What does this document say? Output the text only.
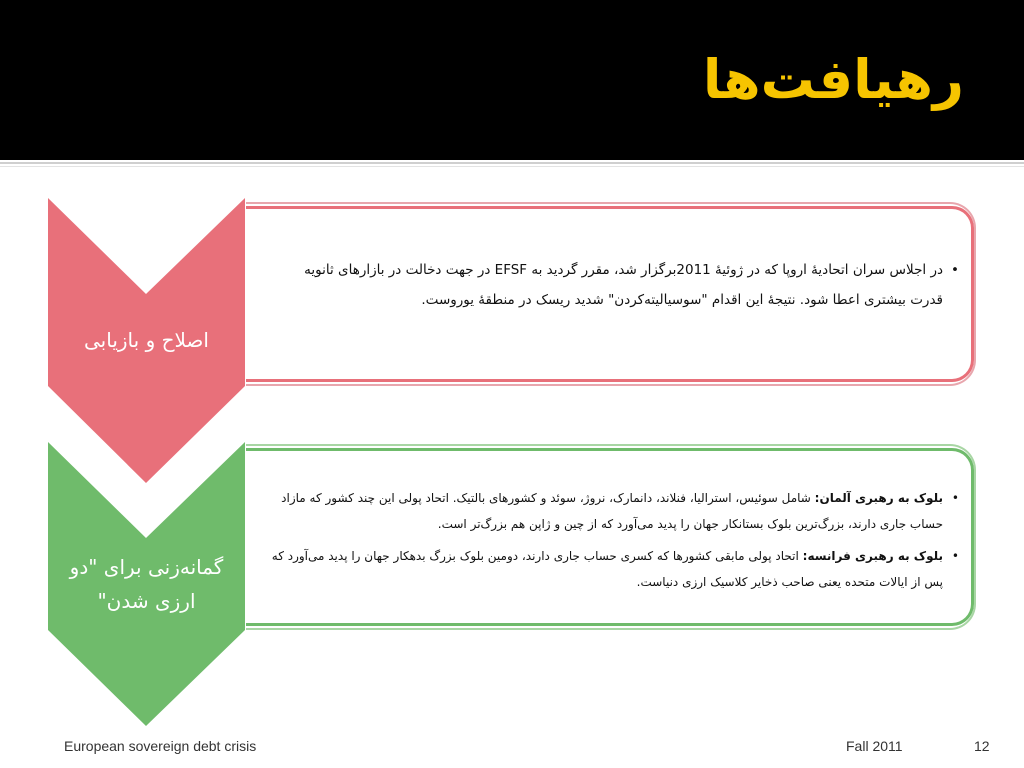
رهیافت‌ها
اصلاح و بازیابی
•
در اجلاس سران اتحادیهٔ اروپا که در ژوئیهٔ 2011برگزار شد، مقرر گردید به EFSF در جهت دخالت در بازارهای ثانویه قدرت بیشتری اعطا شود. نتیجهٔ این اقدام "سوسیالیته‌کردن" شدید ریسک در منطقهٔ یوروست.
گمانه‌زنی برای "دو ارزی شدن"
•
بلوک به رهبری آلمان: شامل سوئیس، استرالیا، فنلاند، دانمارک، نروژ، سوئد و کشورهای بالتیک. اتحاد پولی این چند کشور که مازاد حساب جاری دارند، بزرگ‌ترین بلوک بستانکار جهان را پدید می‌آورد که از چین و ژاپن هم بزرگ‌تر است.
•
بلوک به رهبری فرانسه: اتحاد پولی مابقی کشورها که کسری حساب جاری دارند، دومین بلوک بزرگ بدهکار جهان را پدید می‌آورد که پس از ایالات متحده یعنی صاحب ذخایر کلاسیک ارزی دنیاست.
European sovereign debt crisis	Fall 2011	12
